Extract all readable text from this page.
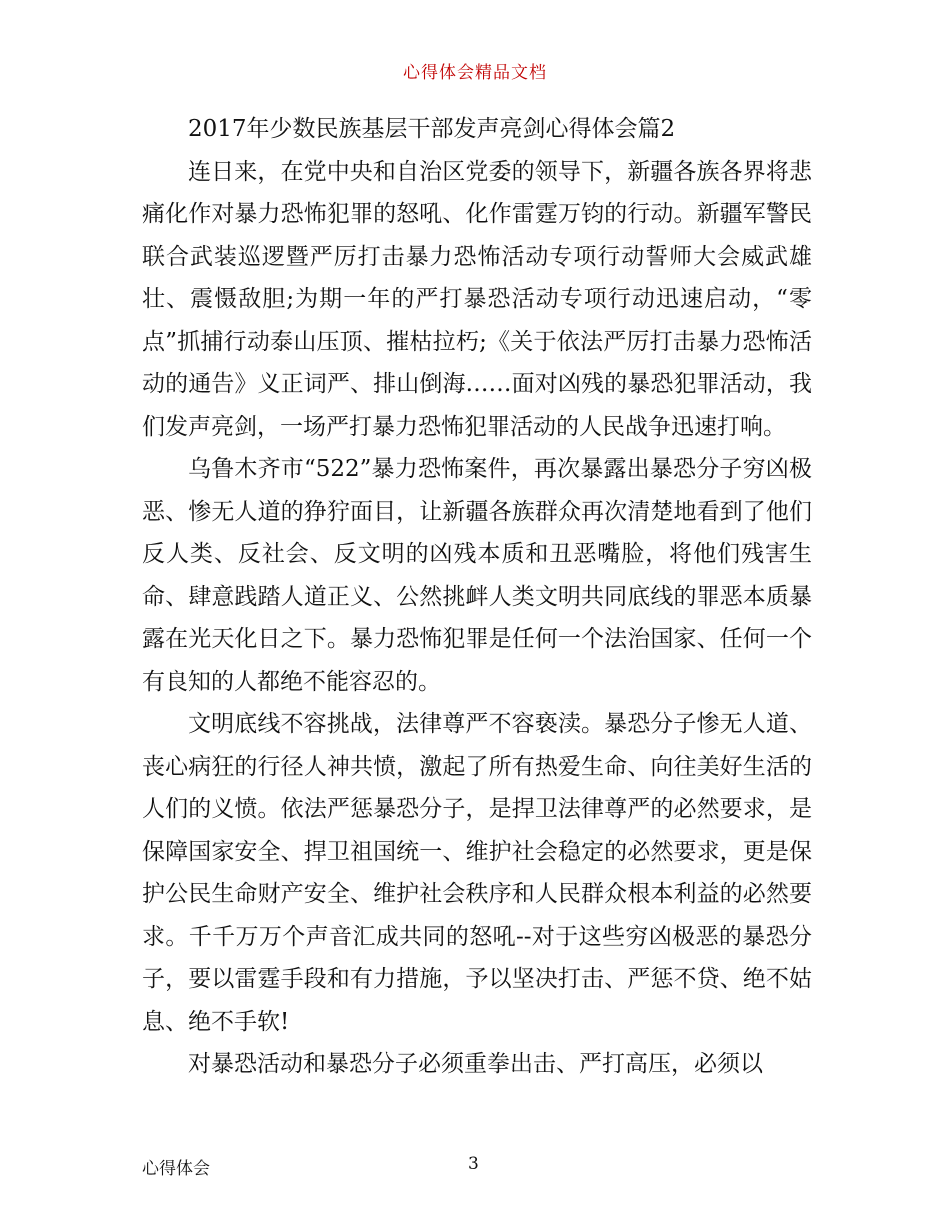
心得体会精品文档

2017年少数民族基层干部发声亮剑心得体会篇2

连日来，在党中央和自治区党委的领导下，新疆各族各界将悲痛化作对暴力恐怖犯罪的怒吼、化作雷霆万钧的行动。新疆军警民联合武装巡逻暨严厉打击暴力恐怖活动专项行动誓师大会威武雄壮、震慑敌胆;为期一年的严打暴恐活动专项行动迅速启动，“零点”抓捕行动泰山压顶、摧枯拉朽;《关于依法严厉打击暴力恐怖活动的通告》义正词严、排山倒海……面对凶残的暴恐犯罪活动，我们发声亮剑，一场严打暴力恐怖犯罪活动的人民战争迅速打响。

乌鲁木齐市“522”暴力恐怖案件，再次暴露出暴恐分子穷凶极恶、惨无人道的狰狞面目，让新疆各族群众再次清楚地看到了他们反人类、反社会、反文明的凶残本质和丑恶嘴脸，将他们残害生命、肆意践踏人道正义、公然挑衅人类文明共同底线的罪恶本质暴露在光天化日之下。暴力恐怖犯罪是任何一个法治国家、任何一个有良知的人都绝不能容忍的。

文明底线不容挑战，法律尊严不容亵渎。暴恐分子惨无人道、丧心病狂的行径人神共愤，激起了所有热爱生命、向往美好生活的人们的义愤。依法严惩暴恐分子，是捍卫法律尊严的必然要求，是保障国家安全、捍卫祖国统一、维护社会稳定的必然要求，更是保护公民生命财产安全、维护社会秩序和人民群众根本利益的必然要求。千千万万个声音汇成共同的怒吼--对于这些穷凶极恶的暴恐分子，要以雷霆手段和有力措施，予以坚决打击、严惩不贷、绝不姑息、绝不手软!

对暴恐活动和暴恐分子必须重拳出击、严打高压，必须以

心得体会	3
